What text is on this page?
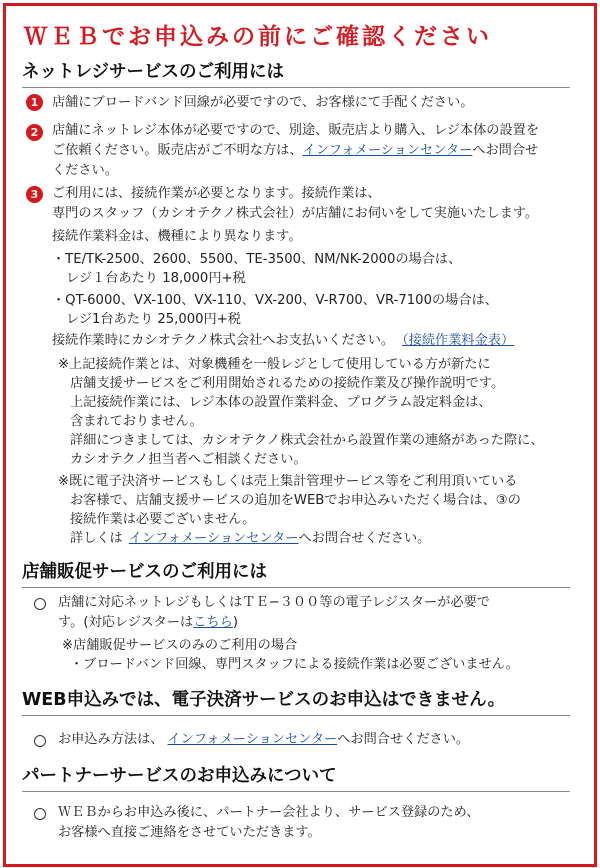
ＷＥＢでお申込みの前にご確認ください
ネットレジサービスのご利用には
1	店舗にブロードバンド回線が必要ですので、お客様にて手配ください。
2	店舗にネットレジ本体が必要ですので、別途、販売店より購入、レジ本体の設置を
ご依頼ください。販売店がご不明な方は、インフォメーションセンターへお問合せ
ください。
3	ご利用には、接続作業が必要となります。接続作業は、
専門のスタッフ（カシオテクノ株式会社）が店舗にお伺いをして実施いたします。
接続作業料金は、機種により異なります。
・TE/TK-2500、2600、5500、TE-3500、NM/NK-2000の場合は、
レジ１台あたり 18,000円+税
・QT-6000、VX-100、VX-110、VX-200、V-R700、VR-7100の場合は、
レジ1台あたり 25,000円+税
接続作業時にカシオテクノ株式会社へお支払いください。 （接続作業料金表）
※上記接続作業とは、対象機種を一般レジとして使用している方が新たに
店舗支援サービスをご利用開始されるための接続作業及び操作説明です。
上記接続作業には、レジ本体の設置作業料金、プログラム設定料金は、
含まれておりません。
詳細につきましては、カシオテクノ株式会社から設置作業の連絡があった際に、
カシオテクノ担当者へご相談ください。
※既に電子決済サービスもしくは売上集計管理サービス等をご利用頂いている
お客様で、店舗支援サービスの追加をWEBでお申込みいただく場合は、③の
接続作業は必要ございません。
詳しくは インフォメーションセンターへお問合せください。
店舗販促サービスのご利用には
店舗に対応ネットレジもしくはＴＥ−３００等の電子レジスターが必要で
す。(対応レジスターはこちら)
※店舗販促サービスのみのご利用の場合
・ブロードバンド回線、専門スタッフによる接続作業は必要ございません。
WEB申込みでは、電子決済サービスのお申込はできません。
お申込み方法は、 インフォメーションセンターへお問合せください。
パートナーサービスのお申込みについて
ＷＥＢからお申込み後に、パートナー会社より、サービス登録のため、
お客様へ直接ご連絡をさせていただきます。
